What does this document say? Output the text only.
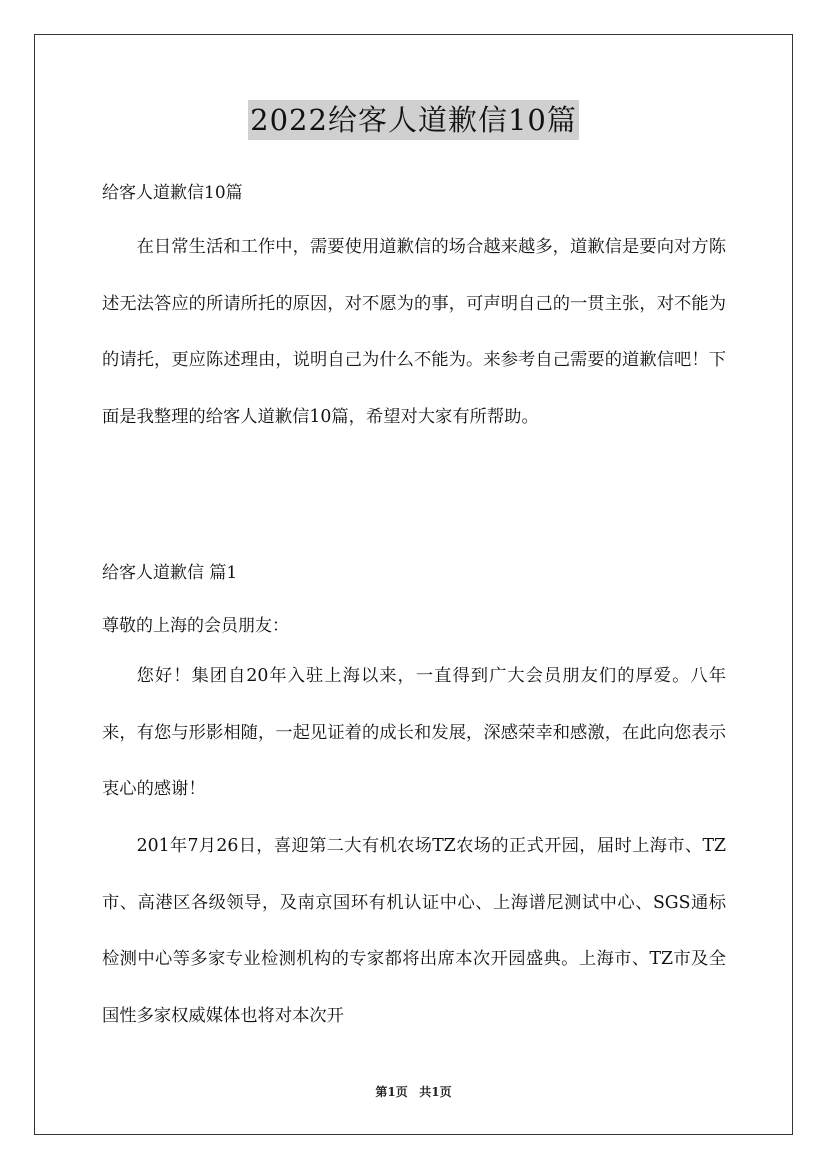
2022给客人道歉信10篇
给客人道歉信10篇

在日常生活和工作中，需要使用道歉信的场合越来越多，道歉信是要向对方陈述无法答应的所请所托的原因，对不愿为的事，可声明自己的一贯主张，对不能为的请托，更应陈述理由，说明自己为什么不能为。来参考自己需要的道歉信吧！下面是我整理的给客人道歉信10篇，希望对大家有所帮助。

给客人道歉信 篇1
尊敬的上海的会员朋友：

您好！集团自20年入驻上海以来，一直得到广大会员朋友们的厚爱。八年来，有您与形影相随，一起见证着的成长和发展，深感荣幸和感激，在此向您表示衷心的感谢！

201年7月26日，喜迎第二大有机农场TZ农场的正式开园，届时上海市、TZ市、高港区各级领导，及南京国环有机认证中心、上海谱尼测试中心、SGS通标检测中心等多家专业检测机构的专家都将出席本次开园盛典。上海市、TZ市及全国性多家权威媒体也将对本次开

第1页 共1页
